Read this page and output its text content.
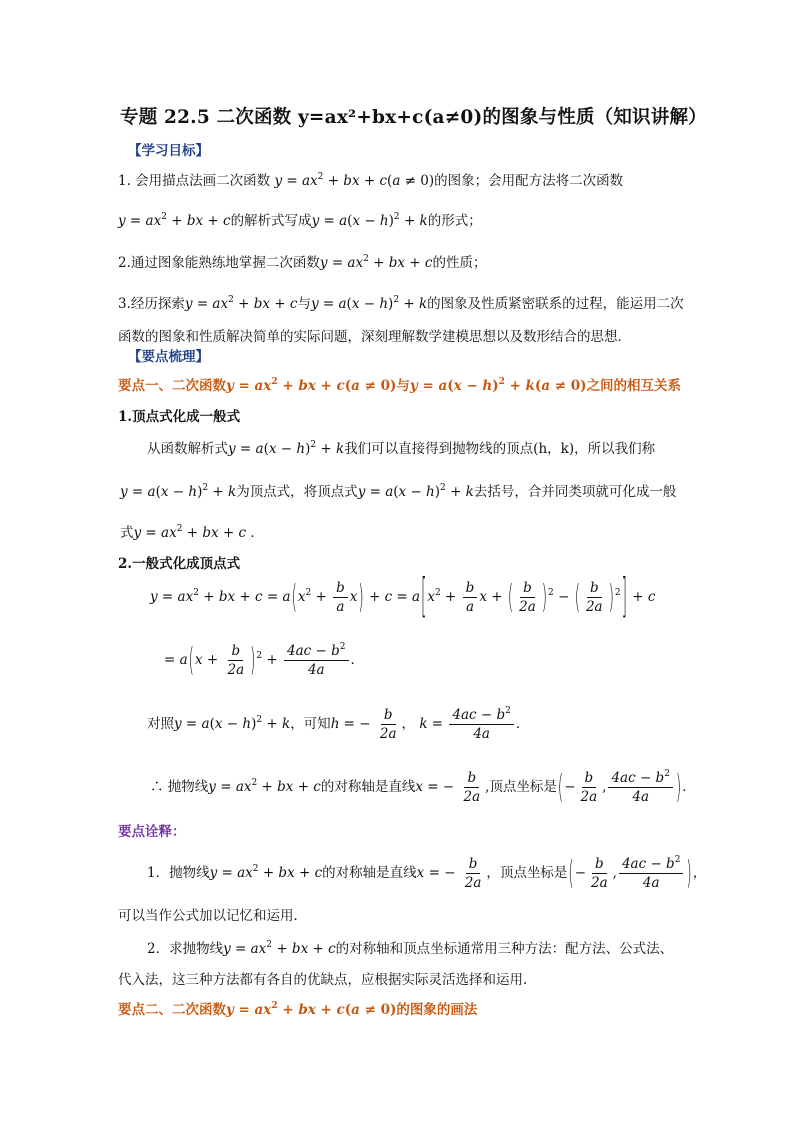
专题 22.5 二次函数 y=ax²+bx+c(a≠0)的图象与性质（知识讲解）
【学习目标】
1. 会用描点法画二次函数 $y = ax^2$ + bx + c(a ≠ 0)的图象；会用配方法将二次函数
$y = ax^2$ + bx + c的解析式写成$y = a(x - h)^2 + k$的形式；
2.通过图象能熟练地掌握二次函数$y = ax^2$ + bx + c的性质；
3.经历探索$y = ax^2$ + bx + c与$y = a(x - h)^2 + k$的图象及性质紧密联系的过程，能运用二次
函数的图象和性质解决简单的实际问题，深刻理解数学建模思想以及数形结合的思想．
【要点梳理】
要点一、二次函数$y = ax^2$ + bx + c(a ≠ 0)与$y = a(x - h)^2 + k(a \ne 0)$之间的相互关系
1.顶点式化成一般式
从函数解析式$y = a(x - h)^2 + k$我们可以直接得到抛物线的顶点(h，k)，所以我们称
$y = a(x - h)^2 + k$为顶点式，将顶点式$y = a(x - h)^2 + k$去括号，合并同类项就可化成一般
式$y = ax^2$ + bx + c ．
2.一般式化成顶点式
$y = ax^2$ + bx + $c = a(x^2 + \frac{b}{a} x) + c = a[x^2 + \frac{b}{a}$ x + ( $\frac{b}{2a} )^2$ − ( $\frac{b}{2a} )^2] + c$
= $a(x + \frac{b}{2a} )^2 + \frac{4ac - b^2}{4a}$ ．
对照$y = a(x - h)^2 + k$，可知h = − $\frac{b}{2a}$ ， $k = \frac{4ac - b^2}{4a}$ ．
∴ 抛物线$y = ax^2$ + bx + c的对称轴是直线x = − $\frac{b}{2a}$ ,顶点坐标是(− $\frac{b}{2a}$ , $\frac{4ac - b^2}{4a}$ )．
要点诠释：
1．抛物线$y = ax^2$ + bx + c的对称轴是直线x = − $\frac{b}{2a}$ ，顶点坐标是(− $\frac{b}{2a}$ , $\frac{4ac - b^2}{4a}$ )，
可以当作公式加以记忆和运用．
2．求抛物线$y = ax^2$ + bx + c的对称轴和顶点坐标通常用三种方法：配方法、公式法、
代入法，这三种方法都有各自的优缺点，应根据实际灵活选择和运用．
要点二、二次函数$y = ax^2$ + bx + c(a ≠ 0)的图象的画法
